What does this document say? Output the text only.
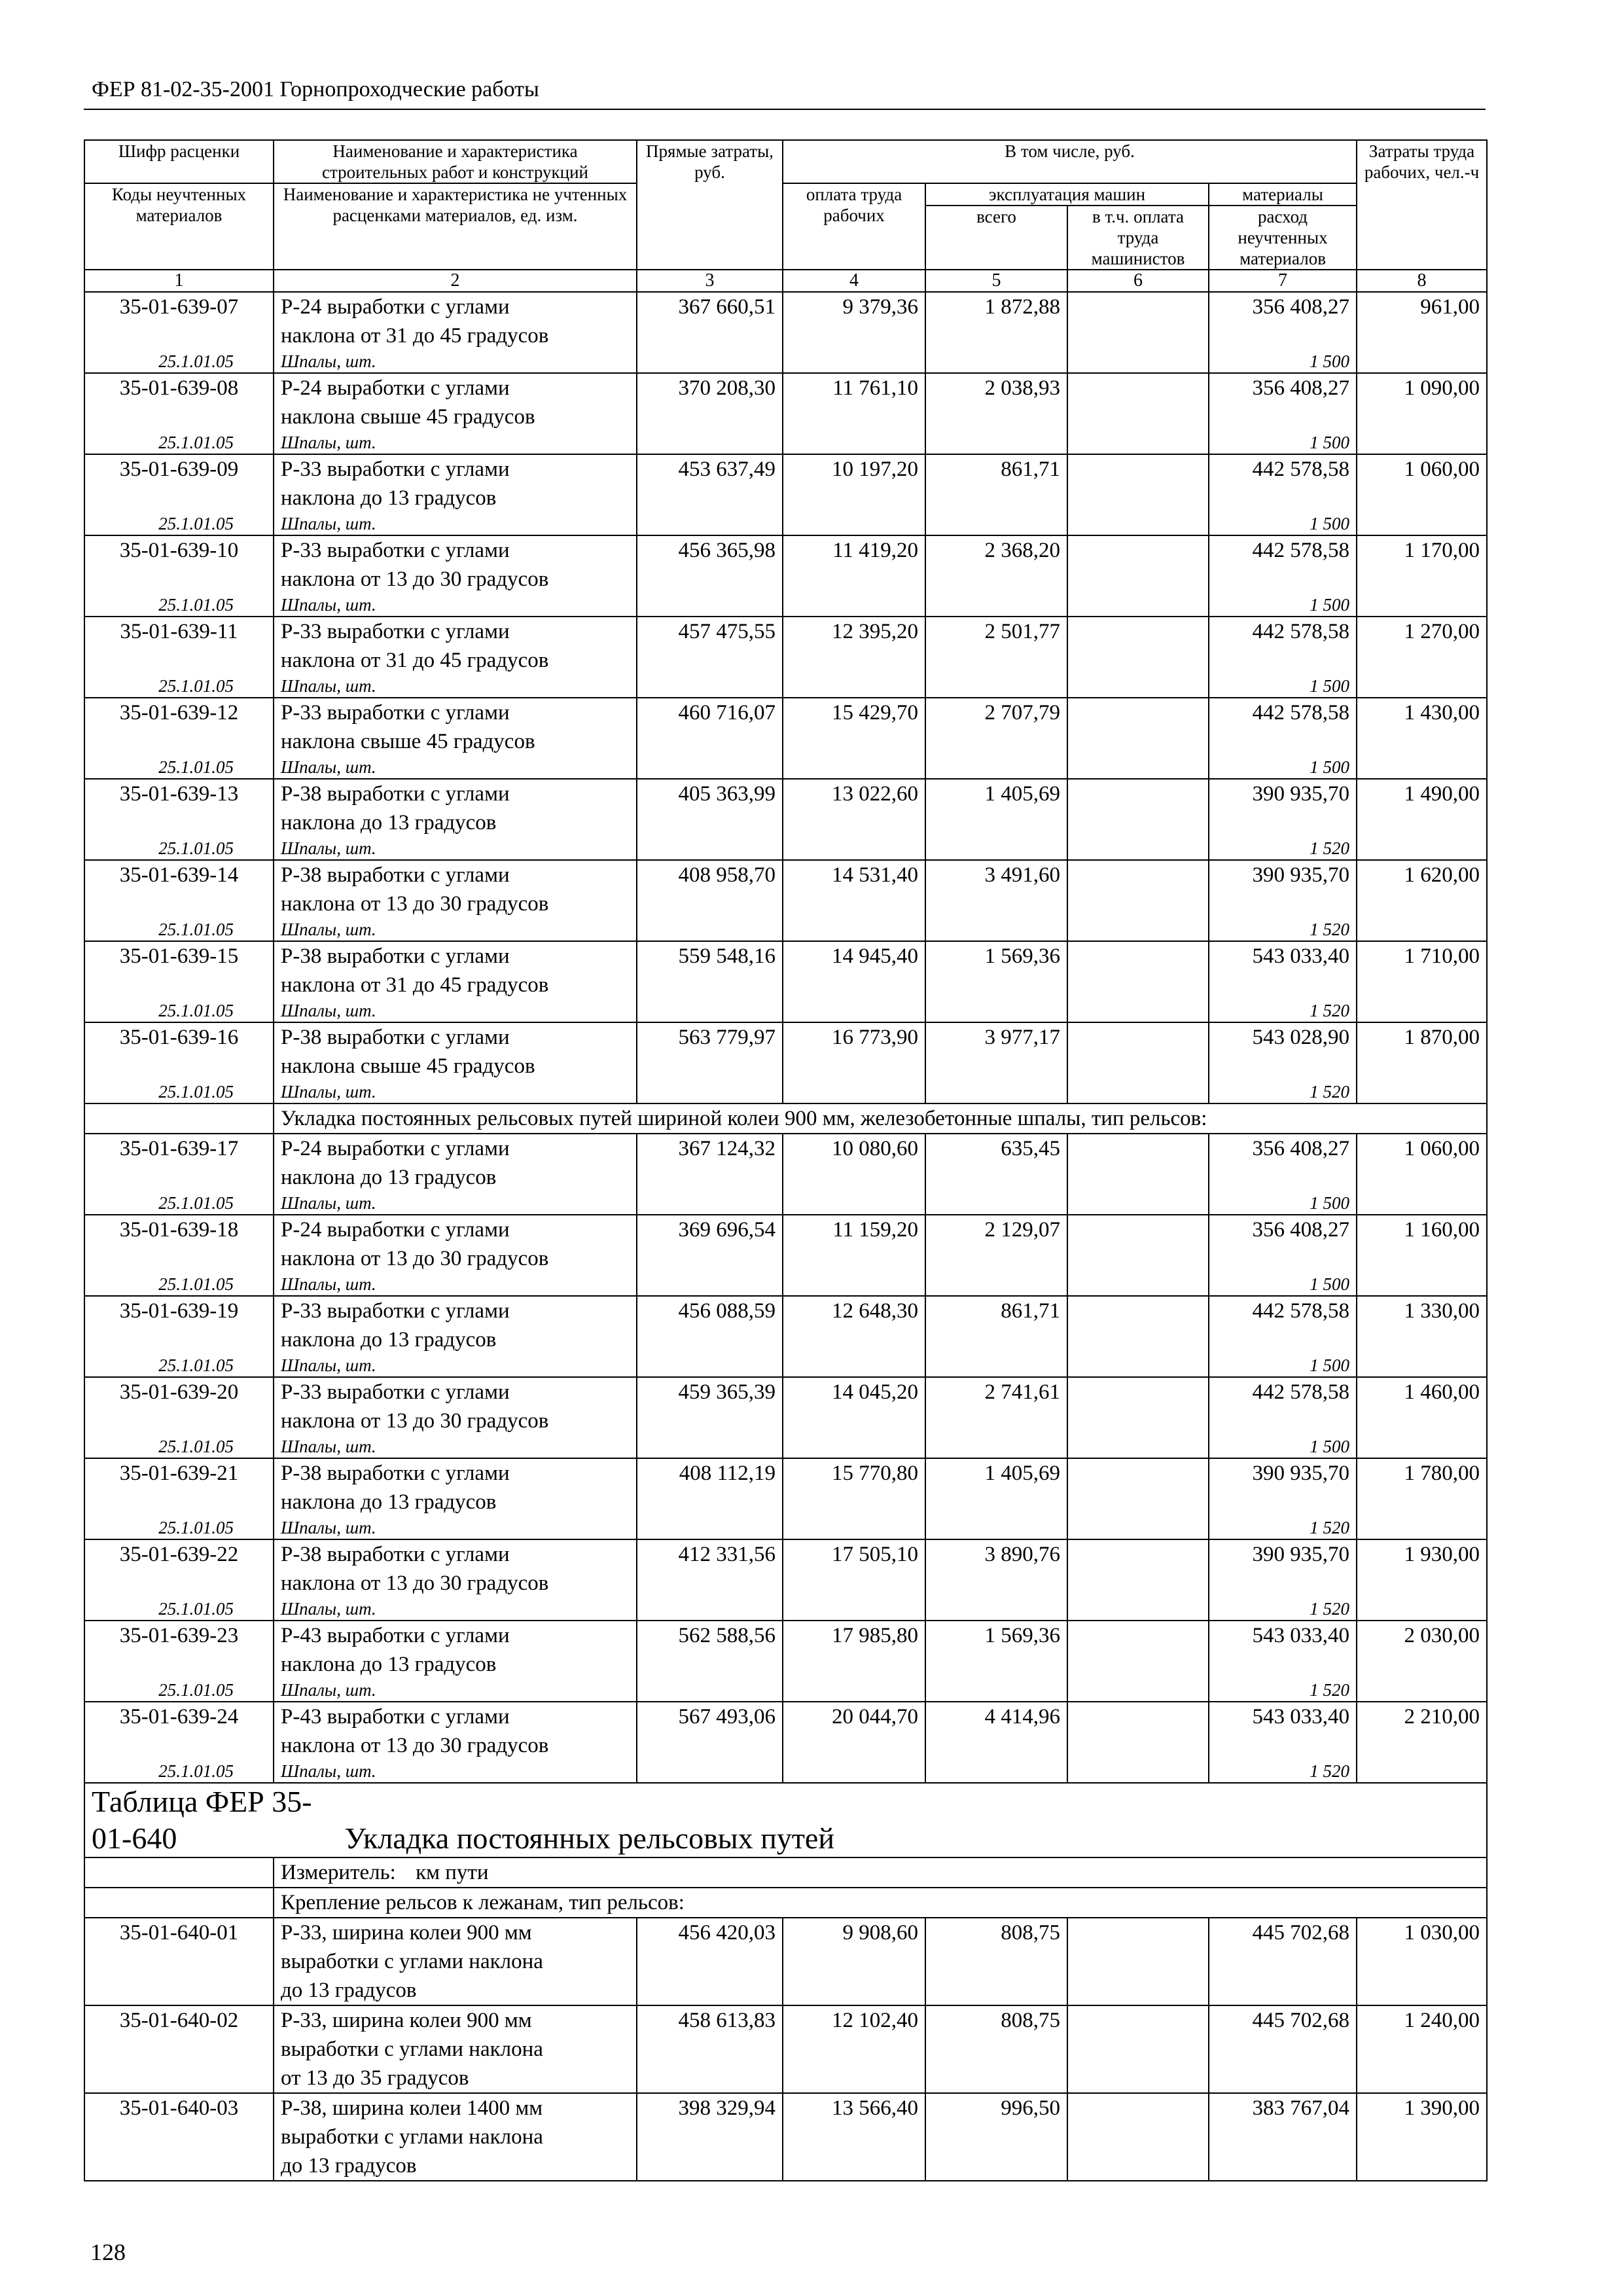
ФЕР 81-02-35-2001 Горнопроходческие работы
Шифр расценки	Наименование и характеристика строительных работ и конструкций	Прямые затраты, руб.	В том числе, руб.				Затраты труда рабочих, чел.-ч
Коды неучтенных материалов	Наименование и характеристика не учтенных расценками материалов, ед. изм.		оплата труда рабочих	эксплуатация машин		материалы	
				всего	в т.ч. оплата труда машинистов	расход неучтенных материалов	
1	2	3	4	5	6	7	8
35-01-639-07	Р-24 выработки с углами
наклона от 31 до 45 градусов	367 660,51	9 379,36	1 872,88		356 408,27	961,00
25.1.01.05	Шпалы, шт.					1 500	
35-01-639-08	Р-24 выработки с углами
наклона свыше 45 градусов	370 208,30	11 761,10	2 038,93		356 408,27	1 090,00
25.1.01.05	Шпалы, шт.					1 500	
35-01-639-09	Р-33 выработки с углами
наклона до 13 градусов	453 637,49	10 197,20	861,71		442 578,58	1 060,00
25.1.01.05	Шпалы, шт.					1 500	
35-01-639-10	Р-33 выработки с углами
наклона от 13 до 30 градусов	456 365,98	11 419,20	2 368,20		442 578,58	1 170,00
25.1.01.05	Шпалы, шт.					1 500	
35-01-639-11	Р-33 выработки с углами
наклона от 31 до 45 градусов	457 475,55	12 395,20	2 501,77		442 578,58	1 270,00
25.1.01.05	Шпалы, шт.					1 500	
35-01-639-12	Р-33 выработки с углами
наклона свыше 45 градусов	460 716,07	15 429,70	2 707,79		442 578,58	1 430,00
25.1.01.05	Шпалы, шт.					1 500	
35-01-639-13	Р-38 выработки с углами
наклона до 13 градусов	405 363,99	13 022,60	1 405,69		390 935,70	1 490,00
25.1.01.05	Шпалы, шт.					1 520	
35-01-639-14	Р-38 выработки с углами
наклона от 13 до 30 градусов	408 958,70	14 531,40	3 491,60		390 935,70	1 620,00
25.1.01.05	Шпалы, шт.					1 520	
35-01-639-15	Р-38 выработки с углами
наклона от 31 до 45 градусов	559 548,16	14 945,40	1 569,36		543 033,40	1 710,00
25.1.01.05	Шпалы, шт.					1 520	
35-01-639-16	Р-38 выработки с углами
наклона свыше 45 градусов	563 779,97	16 773,90	3 977,17		543 028,90	1 870,00
25.1.01.05	Шпалы, шт.					1 520	
	Укладка постоянных рельсовых путей шириной колеи 900 мм, железобетонные шпалы, тип рельсов:						
35-01-639-17	Р-24 выработки с углами
наклона до 13 градусов	367 124,32	10 080,60	635,45		356 408,27	1 060,00
25.1.01.05	Шпалы, шт.					1 500	
35-01-639-18	Р-24 выработки с углами
наклона от 13 до 30 градусов	369 696,54	11 159,20	2 129,07		356 408,27	1 160,00
25.1.01.05	Шпалы, шт.					1 500	
35-01-639-19	Р-33 выработки с углами
наклона до 13 градусов	456 088,59	12 648,30	861,71		442 578,58	1 330,00
25.1.01.05	Шпалы, шт.					1 500	
35-01-639-20	Р-33 выработки с углами
наклона от 13 до 30 градусов	459 365,39	14 045,20	2 741,61		442 578,58	1 460,00
25.1.01.05	Шпалы, шт.					1 500	
35-01-639-21	Р-38 выработки с углами
наклона до 13 градусов	408 112,19	15 770,80	1 405,69		390 935,70	1 780,00
25.1.01.05	Шпалы, шт.					1 520	
35-01-639-22	Р-38 выработки с углами
наклона от 13 до 30 градусов	412 331,56	17 505,10	3 890,76		390 935,70	1 930,00
25.1.01.05	Шпалы, шт.					1 520	
35-01-639-23	Р-43 выработки с углами
наклона до 13 градусов	562 588,56	17 985,80	1 569,36		543 033,40	2 030,00
25.1.01.05	Шпалы, шт.					1 520	
35-01-639-24	Р-43 выработки с углами
наклона от 13 до 30 градусов	567 493,06	20 044,70	4 414,96		543 033,40	2 210,00
25.1.01.05	Шпалы, шт.					1 520	
Таблица ФЕР 35-01-640 Укладка постоянных рельсовых путей							
	Измеритель: км пути						
	Крепление рельсов к лежанам, тип рельсов:						
35-01-640-01	Р-33, ширина колеи 900 мм
выработки с углами наклона
до 13 градусов	456 420,03	9 908,60	808,75		445 702,68	1 030,00
35-01-640-02	Р-33, ширина колеи 900 мм
выработки с углами наклона
от 13 до 35 градусов	458 613,83	12 102,40	808,75		445 702,68	1 240,00
35-01-640-03	Р-38, ширина колеи 1400 мм
выработки с углами наклона
до 13 градусов	398 329,94	13 566,40	996,50		383 767,04	1 390,00
128
